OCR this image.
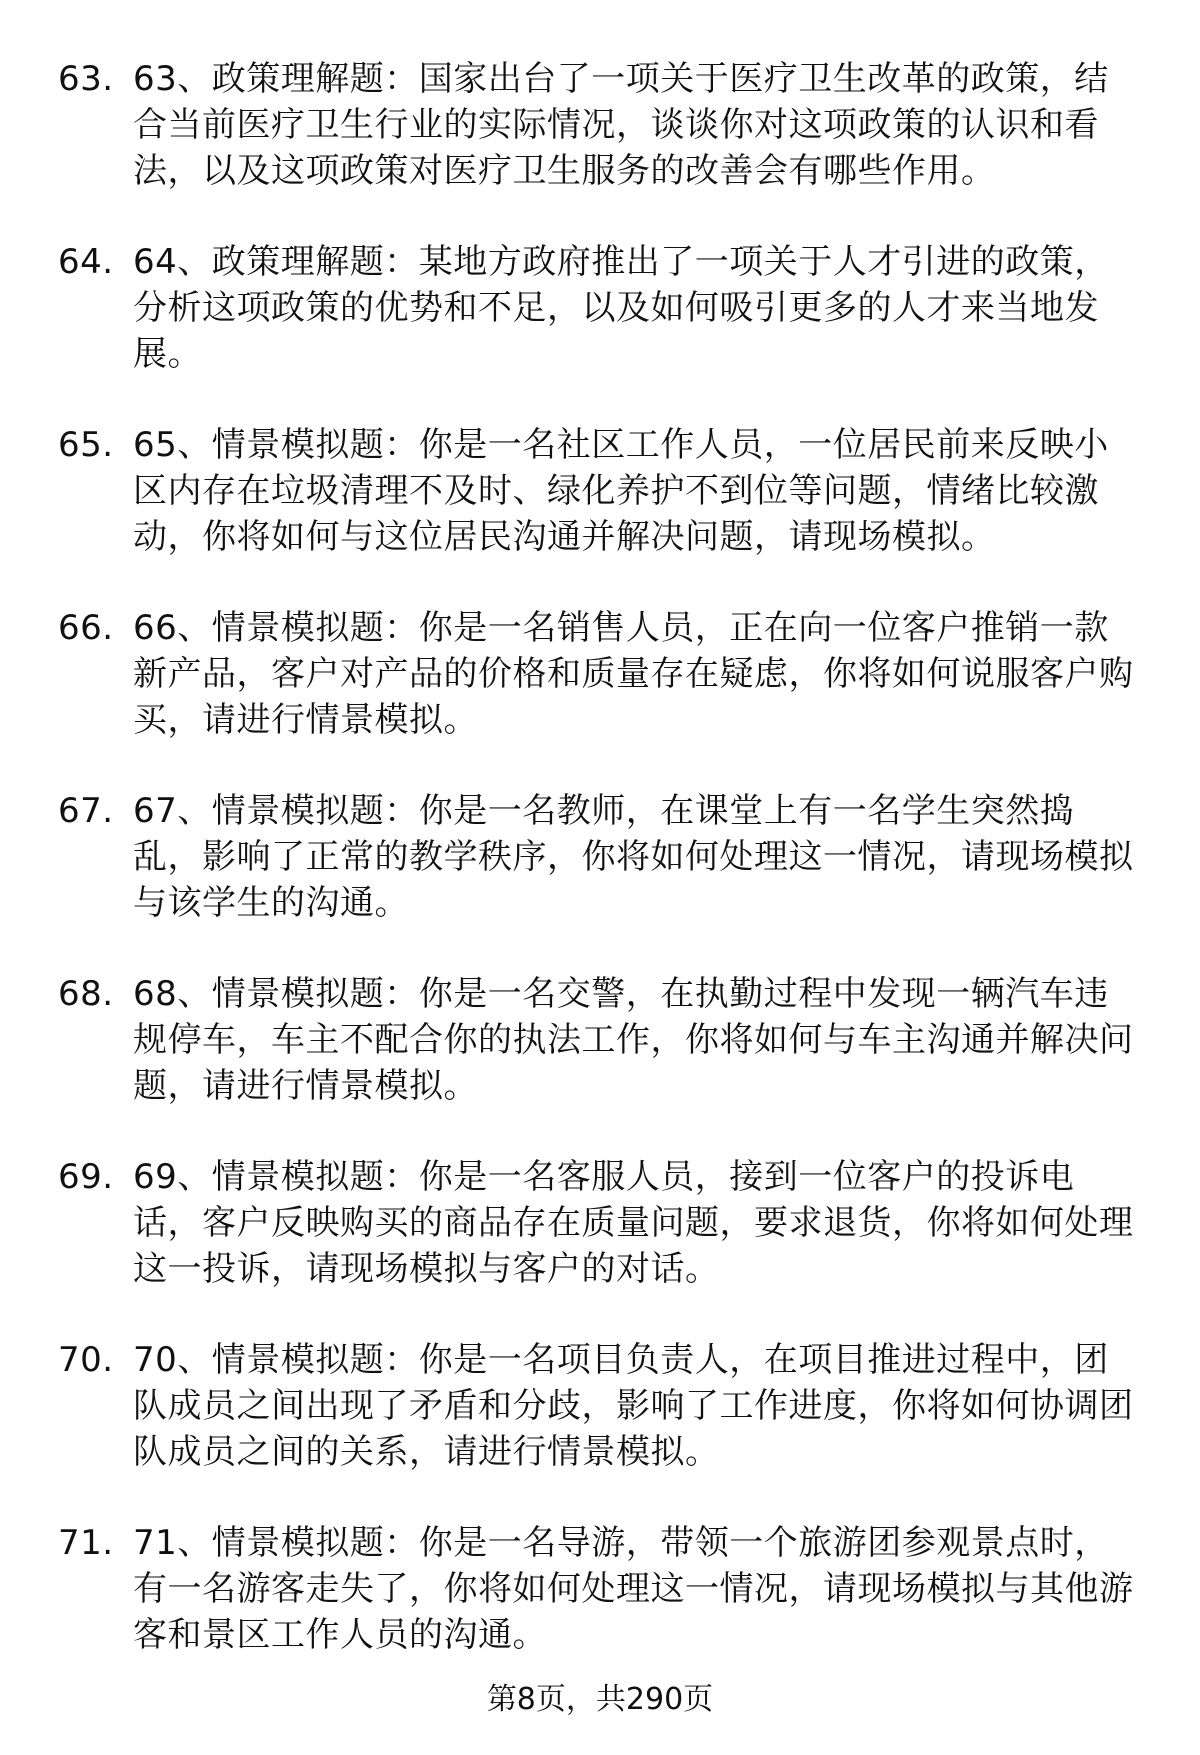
63. 63、政策理解题：国家出台了一项关于医疗卫生改革的政策，结合当前医疗卫生行业的实际情况，谈谈你对这项政策的认识和看法，以及这项政策对医疗卫生服务的改善会有哪些作用。
64. 64、政策理解题：某地方政府推出了一项关于人才引进的政策，分析这项政策的优势和不足，以及如何吸引更多的人才来当地发展。
65. 65、情景模拟题：你是一名社区工作人员，一位居民前来反映小区内存在垃圾清理不及时、绿化养护不到位等问题，情绪比较激动，你将如何与这位居民沟通并解决问题，请现场模拟。
66. 66、情景模拟题：你是一名销售人员，正在向一位客户推销一款新产品，客户对产品的价格和质量存在疑虑，你将如何说服客户购买，请进行情景模拟。
67. 67、情景模拟题：你是一名教师，在课堂上有一名学生突然捣乱，影响了正常的教学秩序，你将如何处理这一情况，请现场模拟与该学生的沟通。
68. 68、情景模拟题：你是一名交警，在执勤过程中发现一辆汽车违规停车，车主不配合你的执法工作，你将如何与车主沟通并解决问题，请进行情景模拟。
69. 69、情景模拟题：你是一名客服人员，接到一位客户的投诉电话，客户反映购买的商品存在质量问题，要求退货，你将如何处理这一投诉，请现场模拟与客户的对话。
70. 70、情景模拟题：你是一名项目负责人，在项目推进过程中，团队成员之间出现了矛盾和分歧，影响了工作进度，你将如何协调团队成员之间的关系，请进行情景模拟。
71. 71、情景模拟题：你是一名导游，带领一个旅游团参观景点时，有一名游客走失了，你将如何处理这一情况，请现场模拟与其他游客和景区工作人员的沟通。
第8页，共290页
